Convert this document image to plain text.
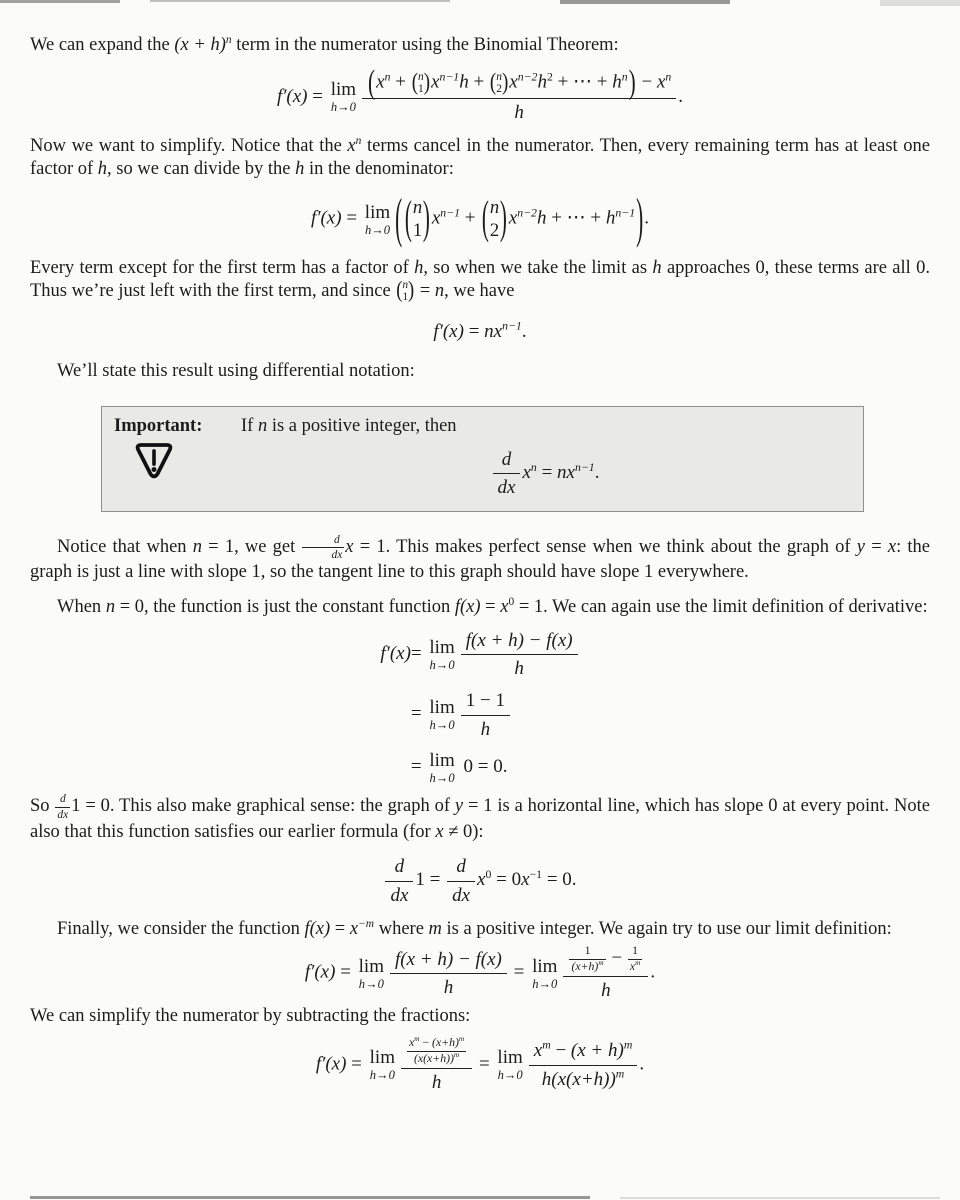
We can expand the $(x + h)^n$ term in the numerator using the Binomial Theorem:

f′(x) = lim
h→0 ($x^n$ + ( n
1 ) $x^{n-1}h$ + ( n
2 ) $x^{n-2}h^2$ + ⋯ + $h^n) - x^n$
h .

Now we want to simplify. Notice that the $x^n$ terms cancel in the numerator. Then, every remaining term has at least one factor of h, so we can divide by the h in the denominator:

f′(x) = lim
h→0 ( ( n
1 ) $x^{n-1}$ + ( n
2 ) $x^{n-2}h$ + ⋯ + $h^{n-1}$).

Every term except for the first term has a factor of h, so when we take the limit as h approaches 0, these terms are all 0. Thus we’re just left with the first term, and since ( n
1 ) = n, we have

$f'(x) = nx^{n-1}$.

We’ll state this result using differential notation:

Important:	If n is a positive integer, then
$\frac{d}{dx} x^n = nx^{n-1}$.

Notice that when n = 1, we get $\frac{d}{dx}$ x = 1. This makes perfect sense when we think about the graph of y = x: the graph is just a line with slope 1, so the tangent line to this graph should have slope 1 everywhere.

When n = 0, the function is just the constant function $f(x) = x^0 = 1$. We can again use the limit definition of derivative:

f′(x) = lim
$h\to 0 \frac{f(x + h) - f(x)}{h}$
= lim
$h\to 0 \frac{1 - 1}{h}$
= lim
h→0
0 = 0.

So $\frac{d}{dx} 1 = 0$. This also make graphical sense: the graph of y = 1 is a horizontal line, which has slope 0 at every point. Note also that this function satisfies our earlier formula (for x ≠ 0):

$\frac{d}{dx} 1 = \frac{d}{dx} x^0 = 0x^{-1} = 0$.

Finally, we consider the function $f(x) = x^{-m}$ where m is a positive integer. We again try to use our limit definition:

f′(x) = lim
$h\to 0 \frac{f(x + h) - f(x)}{h} = \lim$
$h\to 0 \frac{\frac{1}{(x+h)^m} - \frac{1}{x^m}}{h}$ .

We can simplify the numerator by subtracting the fractions:

f′(x) = lim
$h\to 0 \frac{\frac{x^m - (x+h)^m}{(x(x+h))^m}}{h} = \lim$
$h\to 0 \frac{x^m - (x + h)^m}{h(x(x+h))^m}$ .
